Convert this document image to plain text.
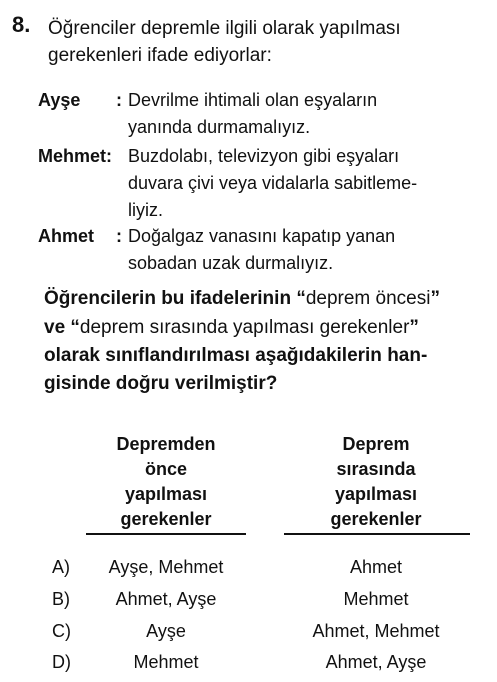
8. Öğrenciler depremle ilgili olarak yapılması
gerekenleri ifade ediyorlar:
Ayşe : Devrilme ihtimali olan eşyaların
yanında durmamalıyız.
Mehmet: Buzdolabı, televizyon gibi eşyaları
duvara çivi veya vidalarla sabitleme-
liyiz.
Ahmet : Doğalgaz vanasını kapatıp yanan
sobadan uzak durmalıyız.
Öğrencilerin bu ifadelerinin “deprem öncesi”
ve “deprem sırasında yapılması gerekenler”
olarak sınıflandırılması aşağıdakilerin han-
gisinde doğru verilmiştir?
Depremden
önce
yapılması
gerekenler
Deprem
sırasında
yapılması
gerekenler
A)	Ayşe, Mehmet	Ahmet
B)	Ahmet, Ayşe	Mehmet
C)	Ayşe	Ahmet, Mehmet
D)	Mehmet	Ahmet, Ayşe
